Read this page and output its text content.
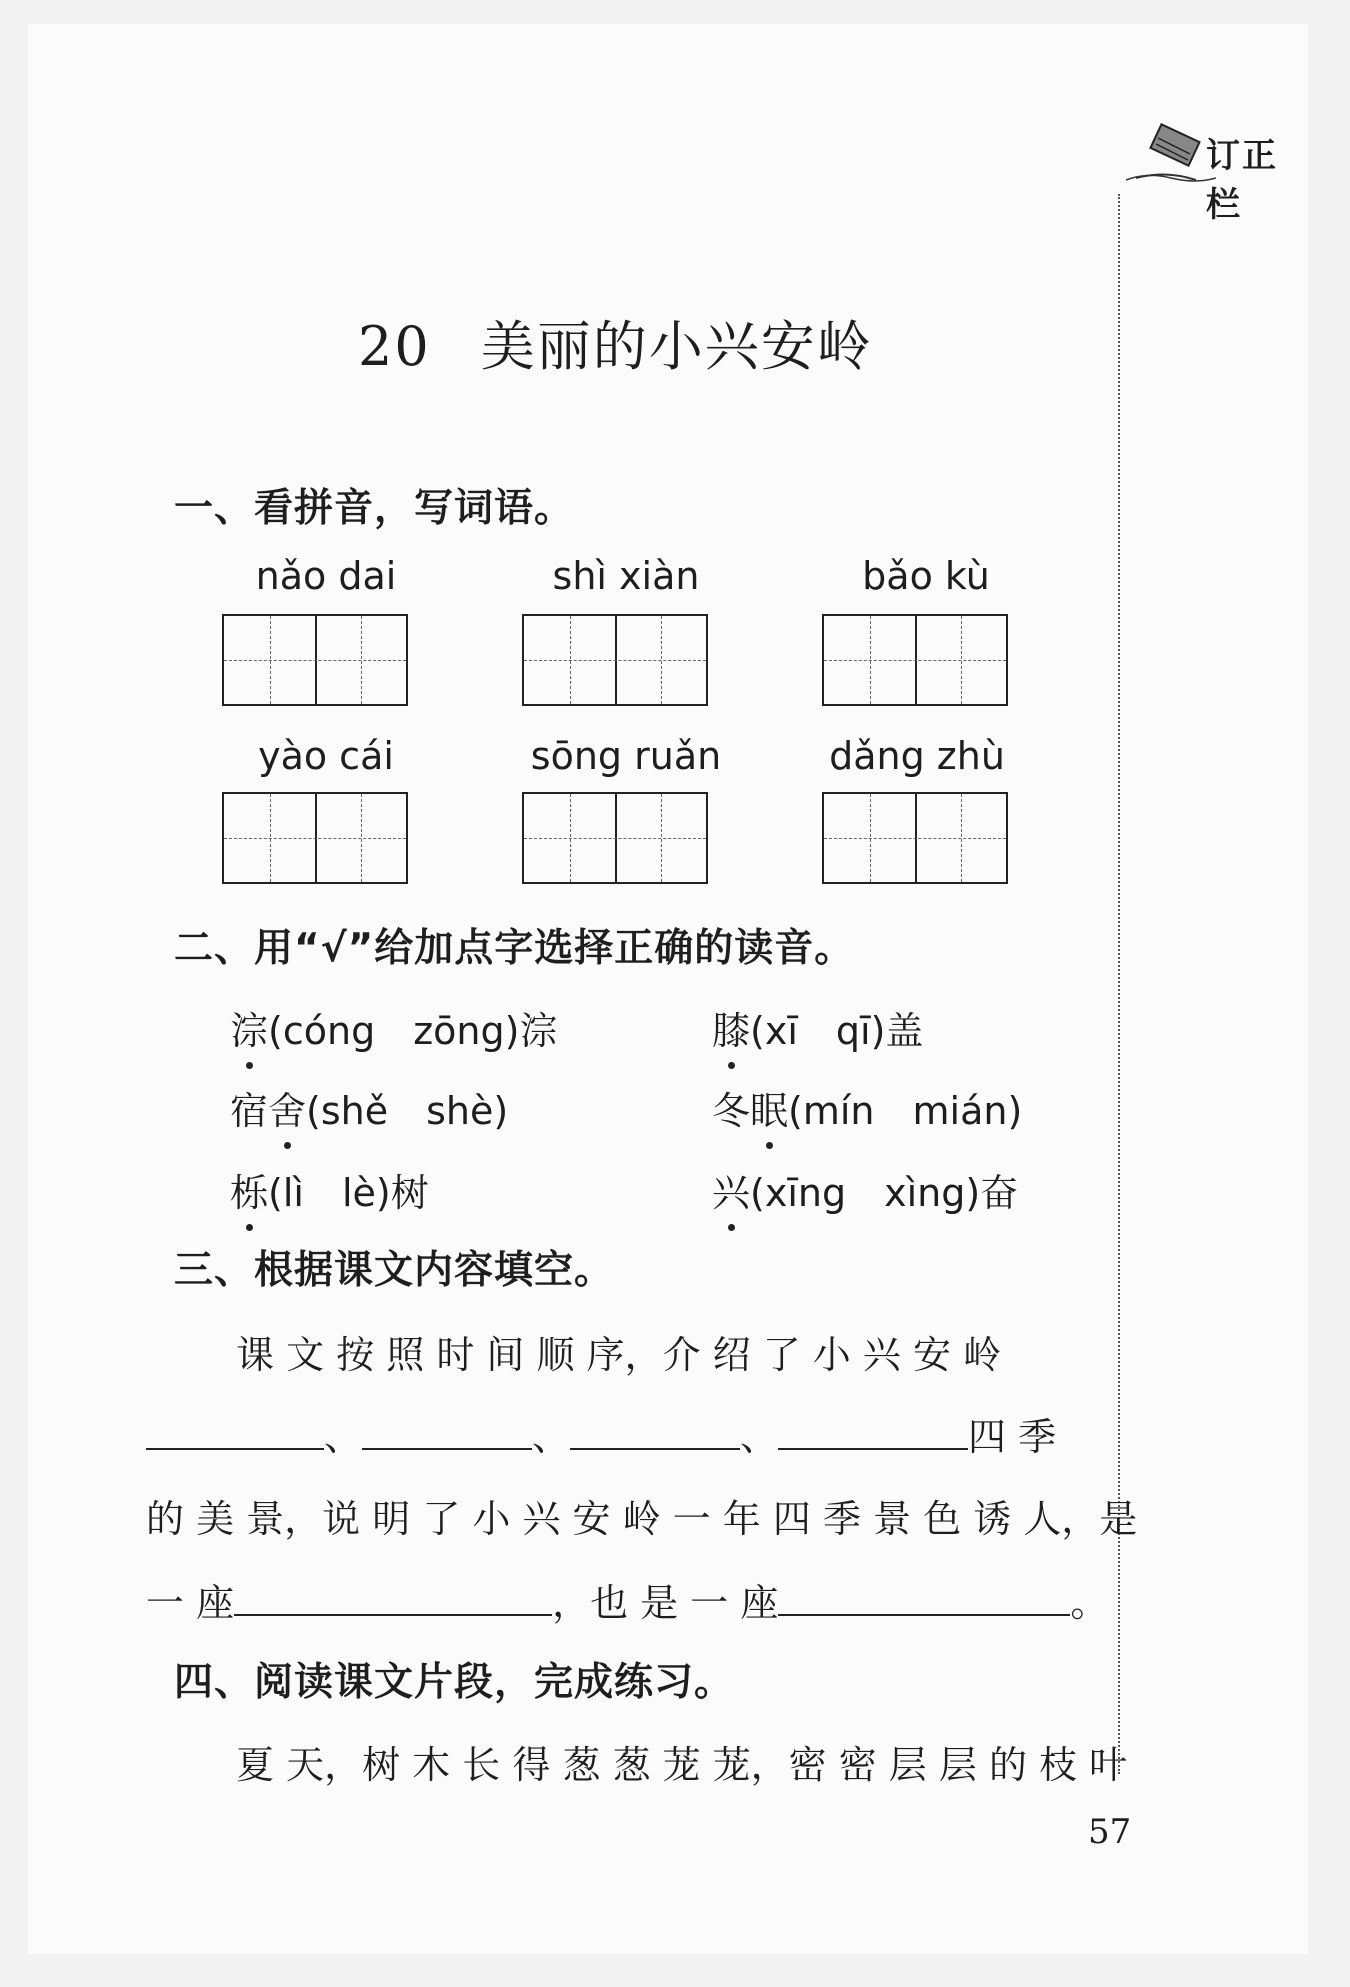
订正栏
20 美丽的小兴安岭
一、看拼音，写词语。
nǎo dai	shì xiàn	bǎo kù
yào cái	sōng ruǎn	dǎng zhù
二、用“√”给加点字选择正确的读音。
淙(cóng　zōng)淙	膝(xī　qī)盖
宿舍(shě　shè)	冬眠(mín　mián)
栎(lì　lè)树	兴(xīng　xìng)奋
三、根据课文内容填空。
课 文 按 照 时 间 顺 序，介 绍 了 小 兴 安 岭
、	、	、	四 季
的 美 景，说 明 了 小 兴 安 岭 一 年 四 季 景 色 诱 人，是
一 座	，也 是 一 座	。
四、阅读课文片段，完成练习。
夏 天，树 木 长 得 葱 葱 茏 茏，密 密 层 层 的 枝 叶
57
